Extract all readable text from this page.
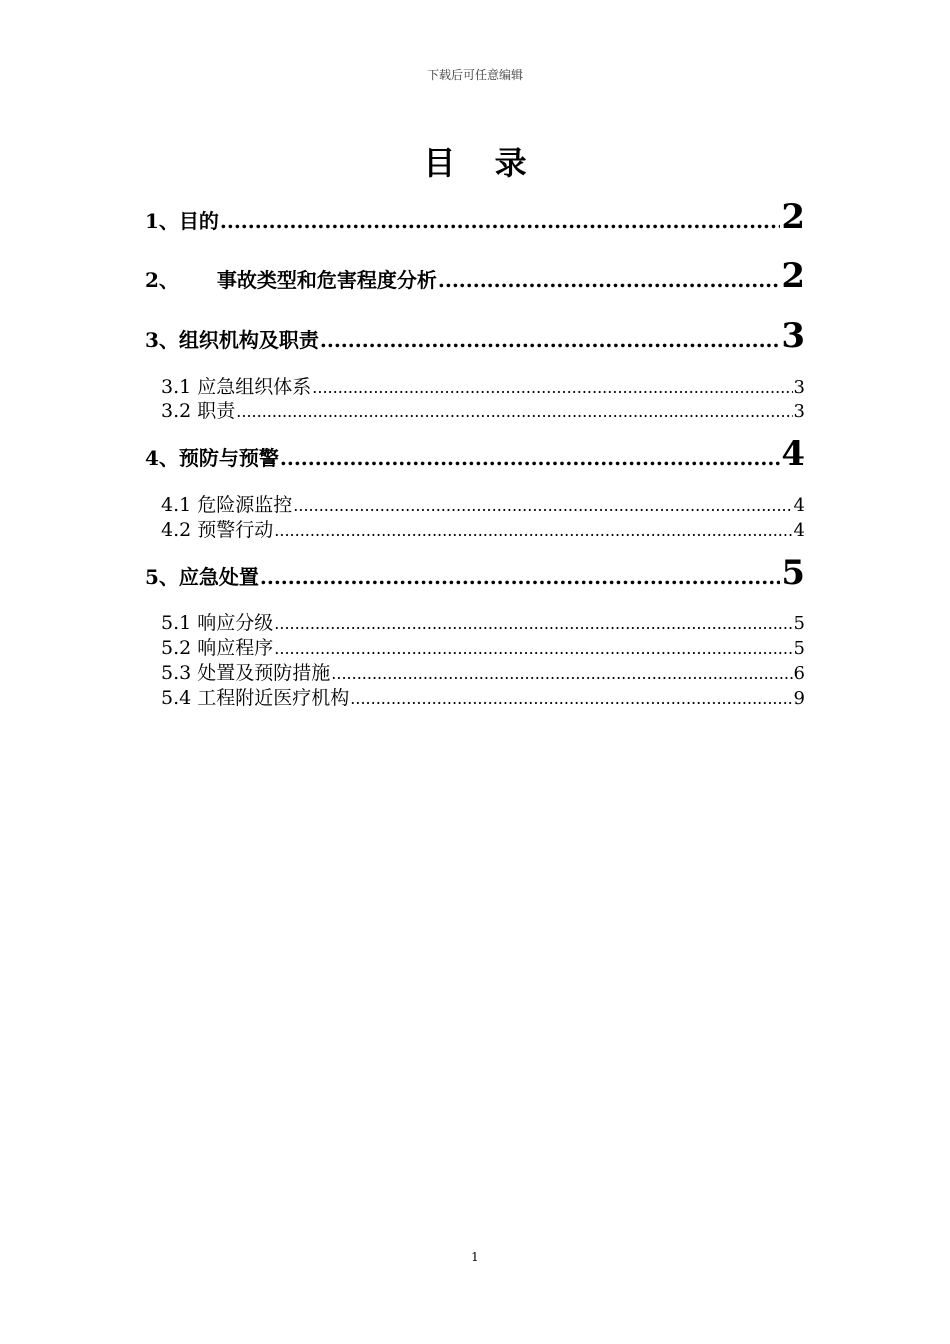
下载后可任意编辑
目 录
1、目的 .....	2
2、 事故类型和危害程度分析 .....	2
3、组织机构及职责 .....	3
3.1 应急组织体系 .....	3
3.2 职责 .....	3
4、预防与预警 .....	4
4.1 危险源监控 .....	4
4.2 预警行动 .....	4
5、应急处置 .....	5
5.1 响应分级 .....	5
5.2 响应程序 .....	5
5.3 处置及预防措施 .....	6
5.4 工程附近医疗机构 .....	9
1
